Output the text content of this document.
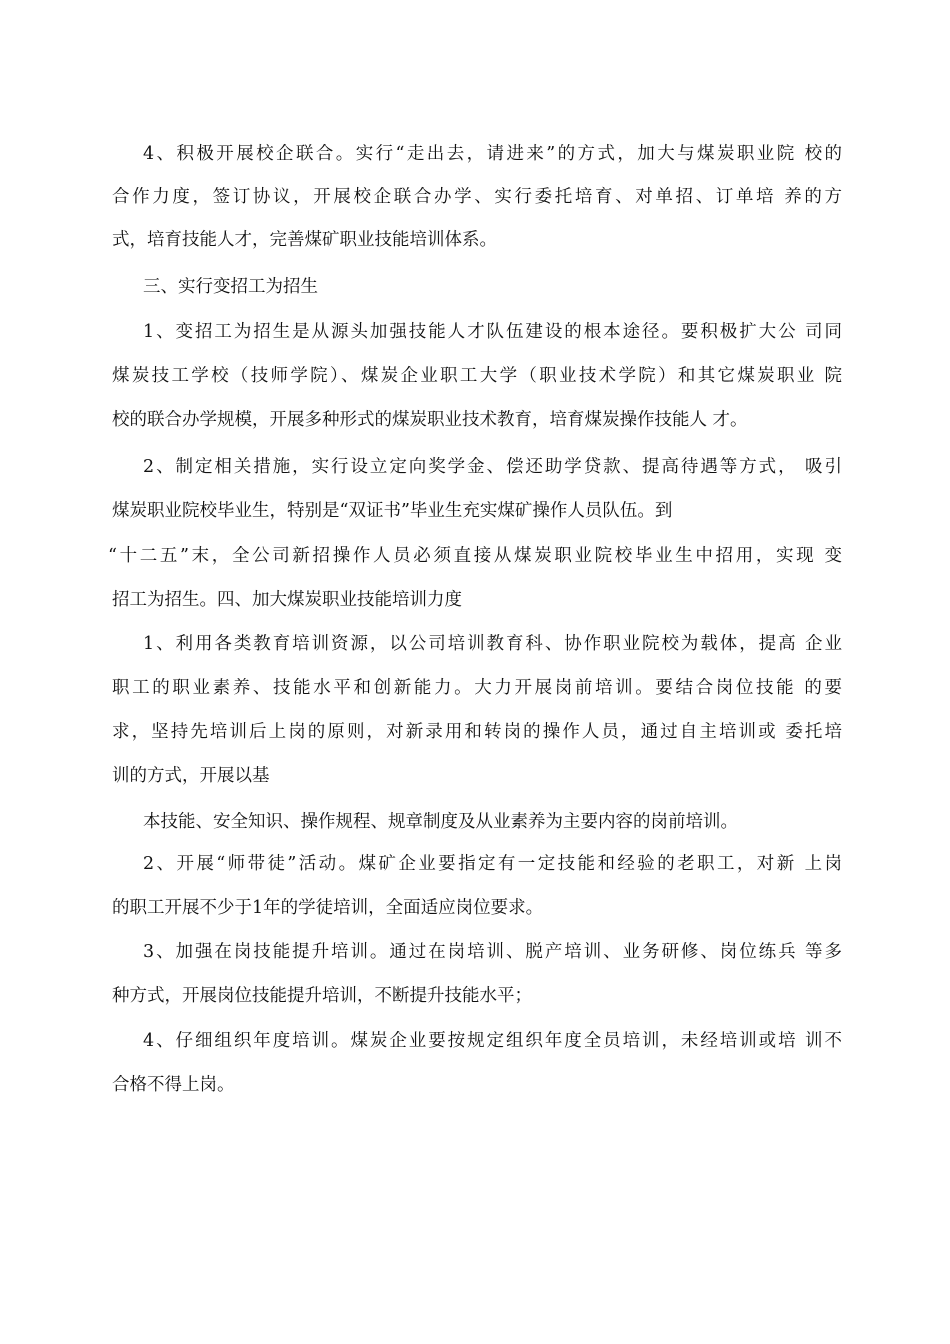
4、积极开展校企联合。实行“走出去，请进来”的方式，加大与煤炭职业院 校的
合作力度，签订协议，开展校企联合办学、实行委托培育、对单招、订单培 养的方
式，培育技能人才，完善煤矿职业技能培训体系。
三、实行变招工为招生
1、变招工为招生是从源头加强技能人才队伍建设的根本途径。要积极扩大公 司同
煤炭技工学校（技师学院）、煤炭企业职工大学（职业技术学院）和其它煤炭职业 院
校的联合办学规模，开展多种形式的煤炭职业技术教育，培育煤炭操作技能人 才。
2、制定相关措施，实行设立定向奖学金、偿还助学贷款、提高待遇等方式， 吸引
煤炭职业院校毕业生，特别是“双证书”毕业生充实煤矿操作人员队伍。到
“十二五”末，全公司新招操作人员必须直接从煤炭职业院校毕业生中招用，实现 变
招工为招生。四、加大煤炭职业技能培训力度
1、利用各类教育培训资源，以公司培训教育科、协作职业院校为载体，提高 企业
职工的职业素养、技能水平和创新能力。大力开展岗前培训。要结合岗位技能 的要
求，坚持先培训后上岗的原则，对新录用和转岗的操作人员，通过自主培训或 委托培
训的方式，开展以基
本技能、安全知识、操作规程、规章制度及从业素养为主要内容的岗前培训。
2、开展“师带徒”活动。煤矿企业要指定有一定技能和经验的老职工，对新 上岗
的职工开展不少于1年的学徒培训，全面适应岗位要求。
3、加强在岗技能提升培训。通过在岗培训、脱产培训、业务研修、岗位练兵 等多
种方式，开展岗位技能提升培训，不断提升技能水平；
4、仔细组织年度培训。煤炭企业要按规定组织年度全员培训，未经培训或培 训不
合格不得上岗。
